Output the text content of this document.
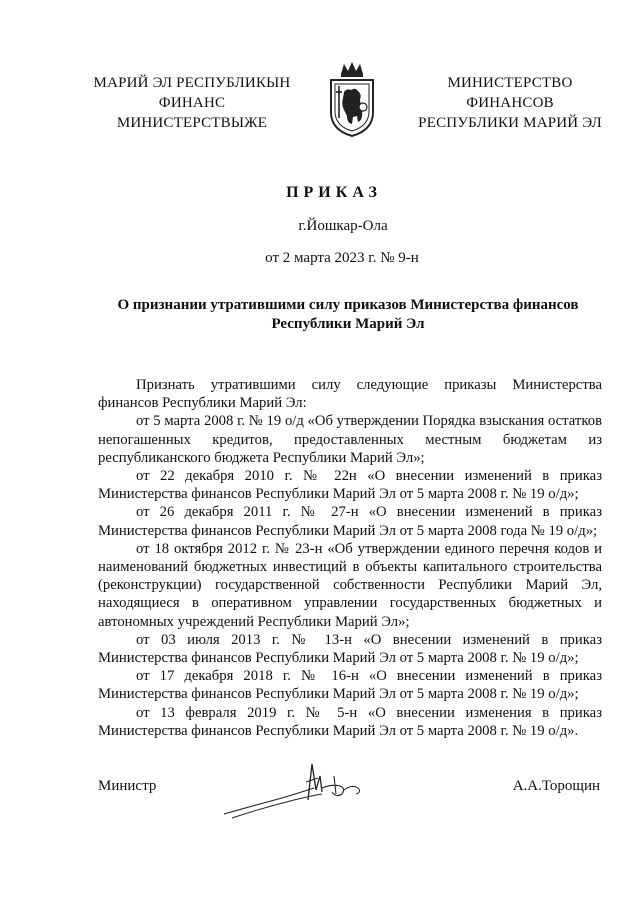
МАРИЙ ЭЛ РЕСПУБЛИКЫН
ФИНАНС
МИНИСТЕРСТВЫЖЕ
МИНИСТЕРСТВО
ФИНАНСОВ
РЕСПУБЛИКИ МАРИЙ ЭЛ
ПРИКАЗ
г.Йошкар-Ола
от 2 марта 2023 г. № 9-н
О признании утратившими силу приказов Министерства финансов
Республики Марий Эл

Признать утратившими силу следующие приказы Министерства финансов Республики Марий Эл:

от 5 марта 2008 г. № 19 о/д «Об утверждении Порядка взыскания остатков непогашенных кредитов, предоставленных местным бюджетам из республиканского бюджета Республики Марий Эл»;

от 22 декабря 2010 г. № 22н «О внесении изменений в приказ Министерства финансов Республики Марий Эл от 5 марта 2008 г. № 19 о/д»;

от 26 декабря 2011 г. № 27-н «О внесении изменений в приказ Министерства финансов Республики Марий Эл от 5 марта 2008 года № 19 о/д»;

от 18 октября 2012 г. № 23-н «Об утверждении единого перечня кодов и наименований бюджетных инвестиций в объекты капитального строительства (реконструкции) государственной собственности Республики Марий Эл, находящиеся в оперативном управлении государственных бюджетных и автономных учреждений Республики Марий Эл»;

от 03 июля 2013 г. № 13-н «О внесении изменений в приказ Министерства финансов Республики Марий Эл от 5 марта 2008 г. № 19 о/д»;

от 17 декабря 2018 г. № 16-н «О внесении изменений в приказ Министерства финансов Республики Марий Эл от 5 марта 2008 г. № 19 о/д»;

от 13 февраля 2019 г. № 5-н «О внесении изменения в приказ Министерства финансов Республики Марий Эл от 5 марта 2008 г. № 19 о/д».

Министр	А.А.Торощин
